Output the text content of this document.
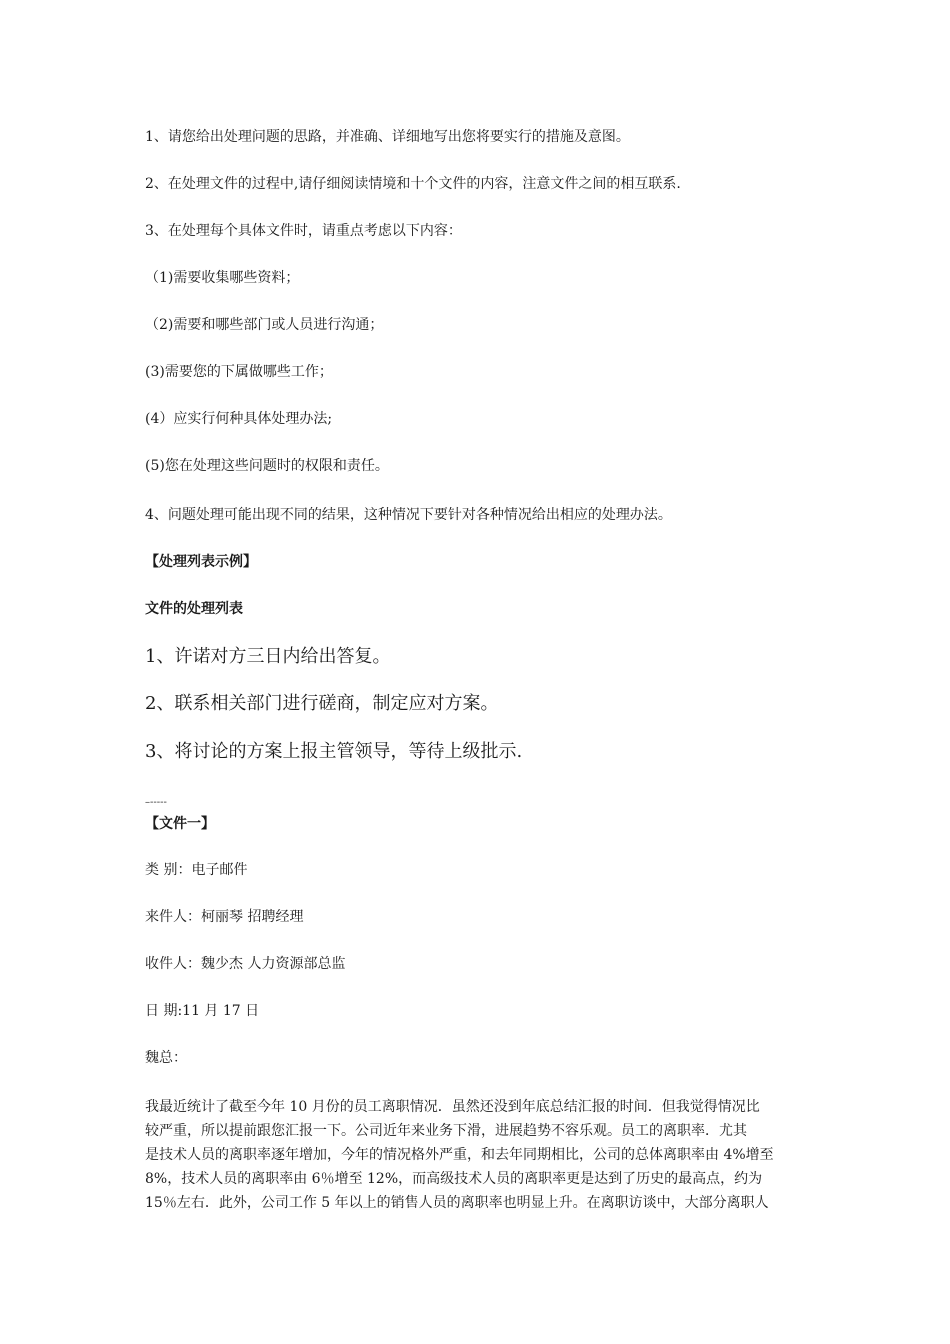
1、请您给出处理问题的思路，并准确、详细地写出您将要实行的措施及意图。
2、在处理文件的过程中,请仔细阅读情境和十个文件的内容，注意文件之间的相互联系.
3、在处理每个具体文件时，请重点考虑以下内容：
（1)需要收集哪些资料；
（2)需要和哪些部门或人员进行沟通；
(3)需要您的下属做哪些工作；
(4）应实行何种具体处理办法;
(5)您在处理这些问题时的权限和责任。
4、问题处理可能出现不同的结果，这种情况下要针对各种情况给出相应的处理办法。
【处理列表示例】
文件的处理列表
1、许诺对方三日内给出答复。
2、联系相关部门进行磋商，制定应对方案。
3、将讨论的方案上报主管领导，等待上级批示.
–-----
【文件一】
类 别：电子邮件
来件人：柯丽琴 招聘经理
收件人：魏少杰 人力资源部总监
日 期:11 月 17 日
魏总：
我最近统计了截至今年 10 月份的员工离职情况．虽然还没到年底总结汇报的时间．但我觉得情况比
较严重，所以提前跟您汇报一下。公司近年来业务下滑，进展趋势不容乐观。员工的离职率．尤其
是技术人员的离职率逐年增加，今年的情况格外严重，和去年同期相比，公司的总体离职率由 4%增至
8%，技术人员的离职率由 6％增至 12%，而高级技术人员的离职率更是达到了历史的最高点，约为
15％左右．此外，公司工作 5 年以上的销售人员的离职率也明显上升。在离职访谈中，大部分离职人
